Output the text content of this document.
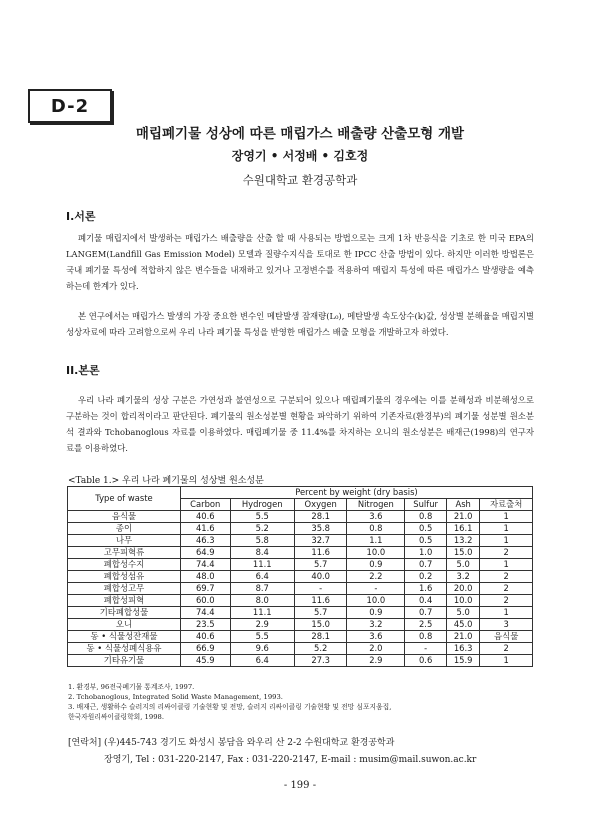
D-2
매립폐기물 성상에 따른 매립가스 배출량 산출모형 개발
장영기 • 서정배 • 김호정
수원대학교 환경공학과
I.서론

폐기물 매립지에서 발생하는 매립가스 배출량을 산출 할 때 사용되는 방법으로는 크게 1차 반응식을 기초로 한 미국 EPA의 LANGEM(Landfill Gas Emission Model) 모델과 질량수지식을 토대로 한 IPCC 산출 방법이 있다. 하지만 이러한 방법론은 국내 폐기물 특성에 적합하지 않은 변수들을 내재하고 있거나 고정변수를 적용하여 매립지 특성에 따른 매립가스 발생량을 예측하는데 한계가 있다.

본 연구에서는 매립가스 발생의 가장 중요한 변수인 메탄발생 잠재량(L₀), 메탄발생 속도상수(k)값, 성상별 분해율을 매립지별 성상자료에 따라 고려함으로써 우리 나라 폐기물 특성을 반영한 매립가스 배출 모형을 개발하고자 하였다.

II.본론

우리 나라 폐기물의 성상 구분은 가연성과 불연성으로 구분되어 있으나 매립폐기물의 경우에는 이를 분해성과 비분해성으로 구분하는 것이 합리적이라고 판단된다. 폐기물의 원소성분별 현황을 파악하기 위하여 기존자료(환경부)의 폐기물 성분별 원소분석 결과와 Tchobanoglous 자료를 이용하였다. 매립폐기물 중 11.4%를 차지하는 오니의 원소성분은 배재근(1998)의 연구자료를 이용하였다.

<Table 1.> 우리 나라 폐기물의 성상별 원소성분
Type of waste	Percent by weight (dry basis)						
	Carbon	Hydrogen	Oxygen	Nitrogen	Sulfur	Ash	자료출처
음식물	40.6	5.5	28.1	3.6	0.8	21.0	1
종이	41.6	5.2	35.8	0.8	0.5	16.1	1
나무	46.3	5.8	32.7	1.1	0.5	13.2	1
고무피혁류	64.9	8.4	11.6	10.0	1.0	15.0	2
폐합성수지	74.4	11.1	5.7	0.9	0.7	5.0	1
폐합성섬유	48.0	6.4	40.0	2.2	0.2	3.2	2
폐합성고무	69.7	8.7	-	-	1.6	20.0	2
폐합성피혁	60.0	8.0	11.6	10.0	0.4	10.0	2
기타폐합성물	74.4	11.1	5.7	0.9	0.7	5.0	1
오니	23.5	2.9	15.0	3.2	2.5	45.0	3
동 • 식물성잔재물	40.6	5.5	28.1	3.6	0.8	21.0	음식물
동 • 식물성폐식용유	66.9	9.6	5.2	2.0	-	16.3	2
기타유기물	45.9	6.4	27.3	2.9	0.6	15.9	1
1. 환경부, 96전국폐기물 통계조사, 1997.
2. Tchobanoglous, Integrated Solid Waste Management, 1993.
3. 배재근, 생활하수 슬러지의 리싸이클링 기술현황 및 전망, 슬러지 리싸이클링 기술현황 및 전망 심포지움집,
한국자원리싸이클링학회, 1998.
[연락처] (우)445-743 경기도 화성시 봉담읍 와우리 산 2-2 수원대학교 환경공학과
장영기, Tel : 031-220-2147, Fax : 031-220-2147, E-mail : musim@mail.suwon.ac.kr
- 199 -
